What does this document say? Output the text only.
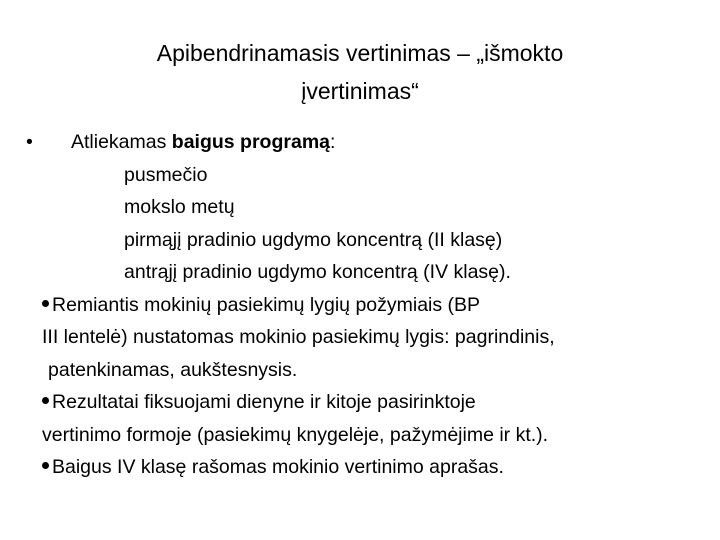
Apibendrinamasis vertinimas – „išmokto
įvertinimas“
• Atliekamas baigus programą:
pusmečio
mokslo metų
pirmąjį pradinio ugdymo koncentrą (II klasę)
antrąjį pradinio ugdymo koncentrą (IV klasę).
Remiantis mokinių pasiekimų lygių požymiais (BP
III lentelė) nustatomas mokinio pasiekimų lygis: pagrindinis,
patenkinamas, aukštesnysis.
Rezultatai fiksuojami dienyne ir kitoje pasirinktoje
vertinimo formoje (pasiekimų knygelėje, pažymėjime ir kt.).
Baigus IV klasę rašomas mokinio vertinimo aprašas.
